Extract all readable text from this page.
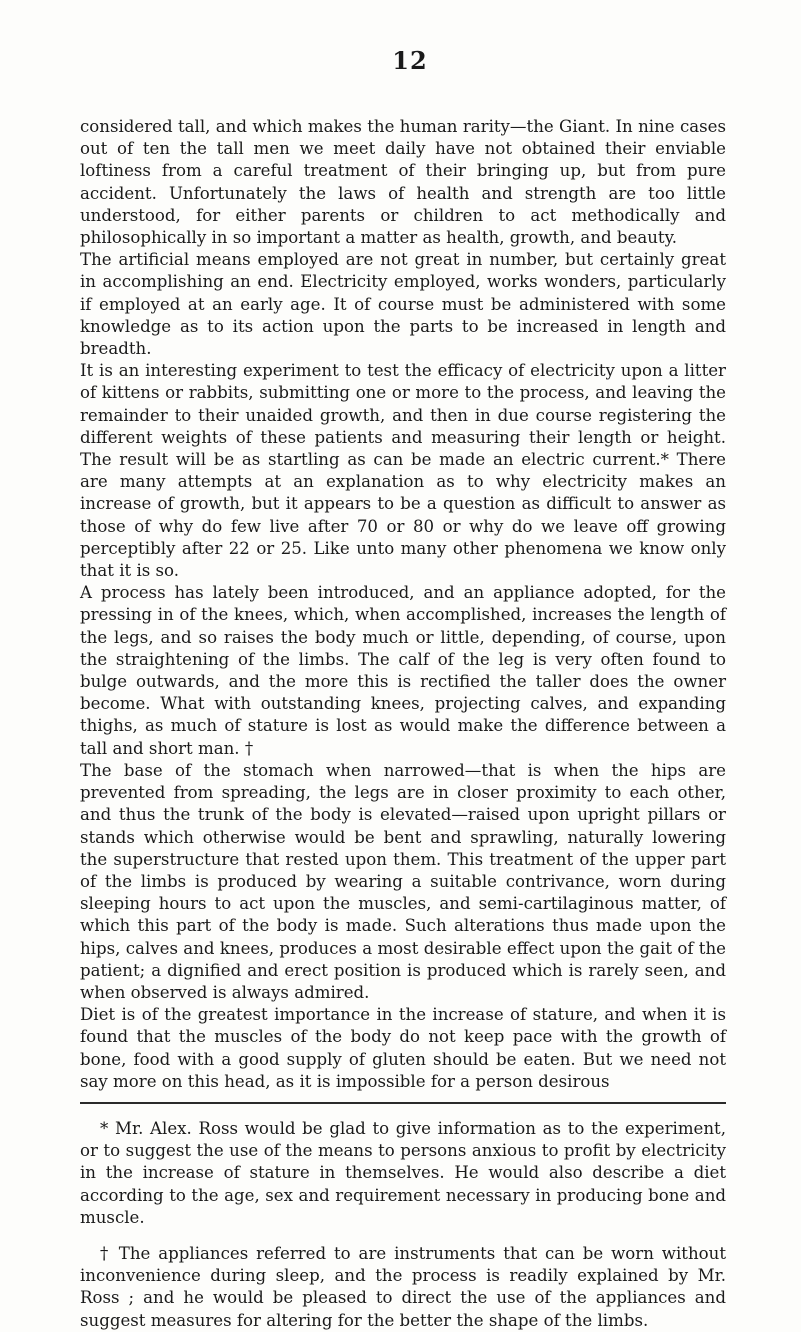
12

considered tall, and which makes the human rarity—the Giant. In nine cases out of ten the tall men we meet daily have not obtained their enviable loftiness from a careful treatment of their bringing up, but from pure accident. Unfortunately the laws of health and strength are too little understood, for either parents or children to act methodically and philosophically in so important a matter as health, growth, and beauty.

The artificial means employed are not great in number, but certainly great in accomplishing an end. Electricity employed, works wonders, particularly if employed at an early age. It of course must be administered with some knowledge as to its action upon the parts to be increased in length and breadth.

It is an interesting experiment to test the efficacy of electricity upon a litter of kittens or rabbits, submitting one or more to the process, and leaving the remainder to their unaided growth, and then in due course registering the different weights of these patients and measuring their length or height. The result will be as startling as can be made an electric current.* There are many attempts at an explanation as to why electricity makes an increase of growth, but it appears to be a question as difficult to answer as those of why do few live after 70 or 80 or why do we leave off growing perceptibly after 22 or 25. Like unto many other phenomena we know only that it is so.

A process has lately been introduced, and an appliance adopted, for the pressing in of the knees, which, when accomplished, increases the length of the legs, and so raises the body much or little, depending, of course, upon the straightening of the limbs. The calf of the leg is very often found to bulge outwards, and the more this is rectified the taller does the owner become. What with outstanding knees, projecting calves, and expanding thighs, as much of stature is lost as would make the difference between a tall and short man. †

The base of the stomach when narrowed—that is when the hips are prevented from spreading, the legs are in closer proximity to each other, and thus the trunk of the body is elevated—raised upon upright pillars or stands which otherwise would be bent and sprawling, naturally lowering the superstructure that rested upon them. This treatment of the upper part of the limbs is produced by wearing a suitable contrivance, worn during sleeping hours to act upon the muscles, and semi-cartilaginous matter, of which this part of the body is made. Such alterations thus made upon the hips, calves and knees, produces a most desirable effect upon the gait of the patient; a dignified and erect position is produced which is rarely seen, and when observed is always admired.

Diet is of the greatest importance in the increase of stature, and when it is found that the muscles of the body do not keep pace with the growth of bone, food with a good supply of gluten should be eaten. But we need not say more on this head, as it is impossible for a person desirous

* Mr. Alex. Ross would be glad to give information as to the experiment, or to suggest the use of the means to persons anxious to profit by electricity in the increase of stature in themselves. He would also describe a diet according to the age, sex and requirement necessary in producing bone and muscle.

† The appliances referred to are instruments that can be worn without inconvenience during sleep, and the process is readily explained by Mr. Ross ; and he would be pleased to direct the use of the appliances and suggest measures for altering for the better the shape of the limbs.
